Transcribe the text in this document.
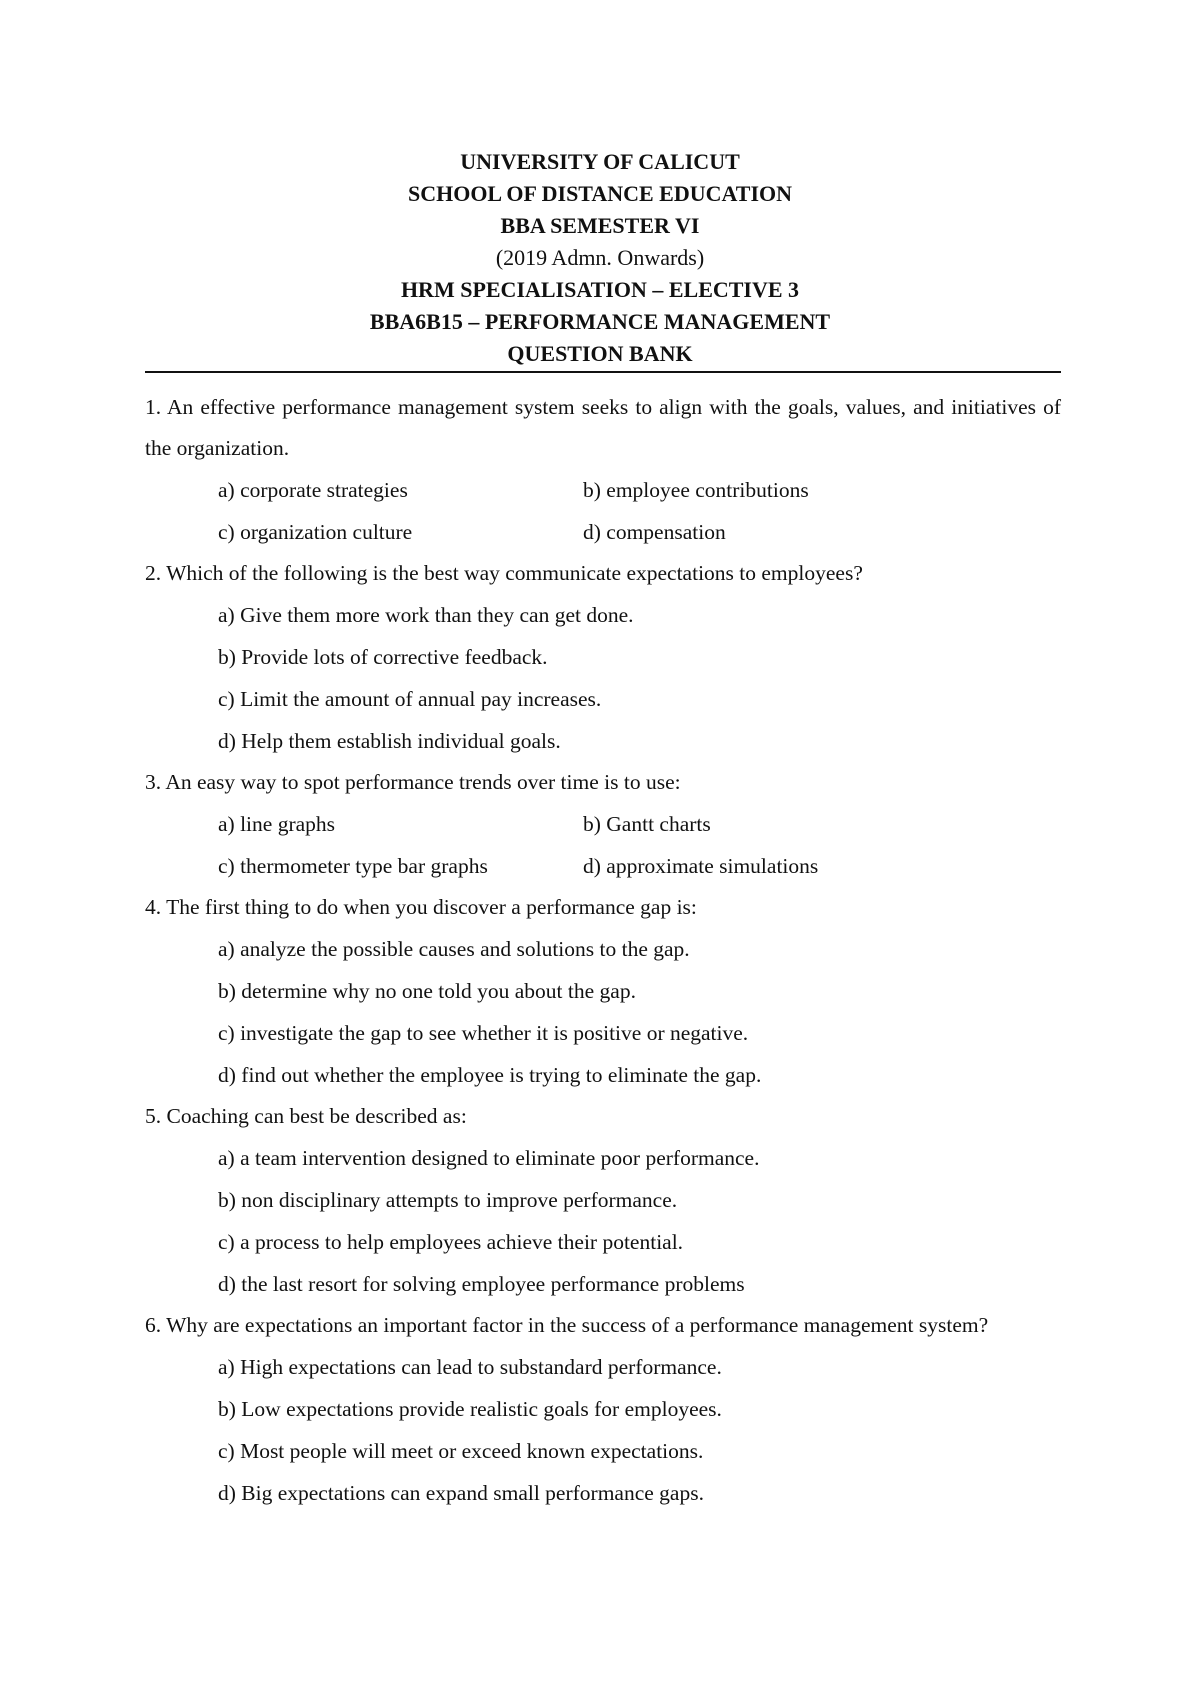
UNIVERSITY OF CALICUT
SCHOOL OF DISTANCE EDUCATION
BBA SEMESTER VI
(2019 Admn. Onwards)
HRM SPECIALISATION – ELECTIVE 3
BBA6B15 – PERFORMANCE MANAGEMENT
QUESTION BANK

1. An effective performance management system seeks to align with the goals, values, and initiatives of the organization.

a) corporate strategies	b) employee contributions
c) organization culture	d) compensation

2. Which of the following is the best way communicate expectations to employees?

a) Give them more work than they can get done.
b) Provide lots of corrective feedback.
c) Limit the amount of annual pay increases.
d) Help them establish individual goals.

3. An easy way to spot performance trends over time is to use:

a) line graphs	b) Gantt charts
c) thermometer type bar graphs	d) approximate simulations

4. The first thing to do when you discover a performance gap is:

a) analyze the possible causes and solutions to the gap.
b) determine why no one told you about the gap.
c) investigate the gap to see whether it is positive or negative.
d) find out whether the employee is trying to eliminate the gap.

5. Coaching can best be described as:

a) a team intervention designed to eliminate poor performance.
b) non disciplinary attempts to improve performance.
c) a process to help employees achieve their potential.
d) the last resort for solving employee performance problems

6. Why are expectations an important factor in the success of a performance management system?

a) High expectations can lead to substandard performance.
b) Low expectations provide realistic goals for employees.
c) Most people will meet or exceed known expectations.
d) Big expectations can expand small performance gaps.
